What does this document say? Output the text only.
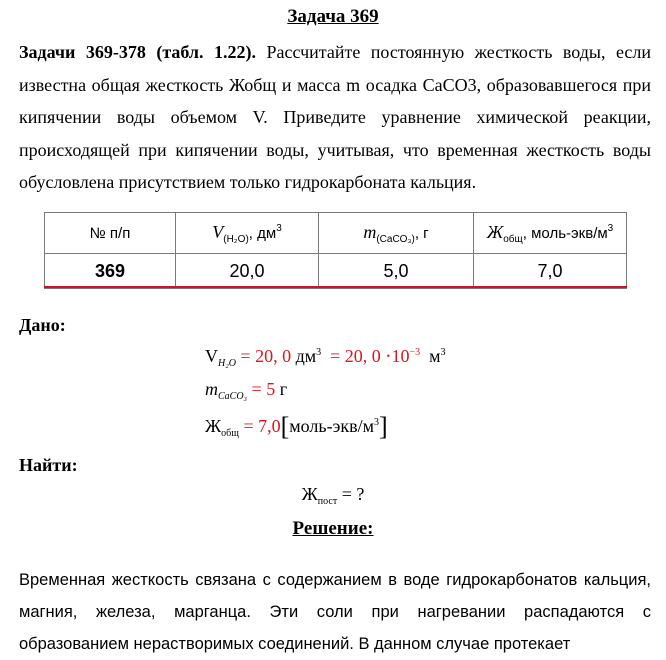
Задача 369
Задачи 369-378 (табл. 1.22). Рассчитайте постоянную жесткость воды, если известна общая жесткость Жобщ и масса m осадка CaCO3, образовавшегося при кипячении воды объемом V. Приведите уравнение химической реакции, происходящей при кипячении воды, учитывая, что временная жесткость воды обусловлена присутствием только гидрокарбоната кальция.
№ п/п	$V_{(H_2O)}$, $дм^3$	$m_{(CaCO_3)}$, г	$Ж_{общ}$, моль-$экв/м^3$
369	20,0	5,0	7,0
Дано:
$V_{H_2O} = 20$, 0 $дм^3 = 20$, $0 \cdot 10^{-3}$ $м^3$
$m_{CaCO_3} = 5$ г
$Ж_{общ}$ = $7,0[моль-экв/м^3]$
Найти:
$Ж_{пост}$ = ?
Решение:
Временная жесткость связана с содержанием в воде гидрокарбонатов кальция, магния, железа, марганца. Эти соли при нагревании распадаются с образованием нерастворимых соединений. В данном случае протекает
